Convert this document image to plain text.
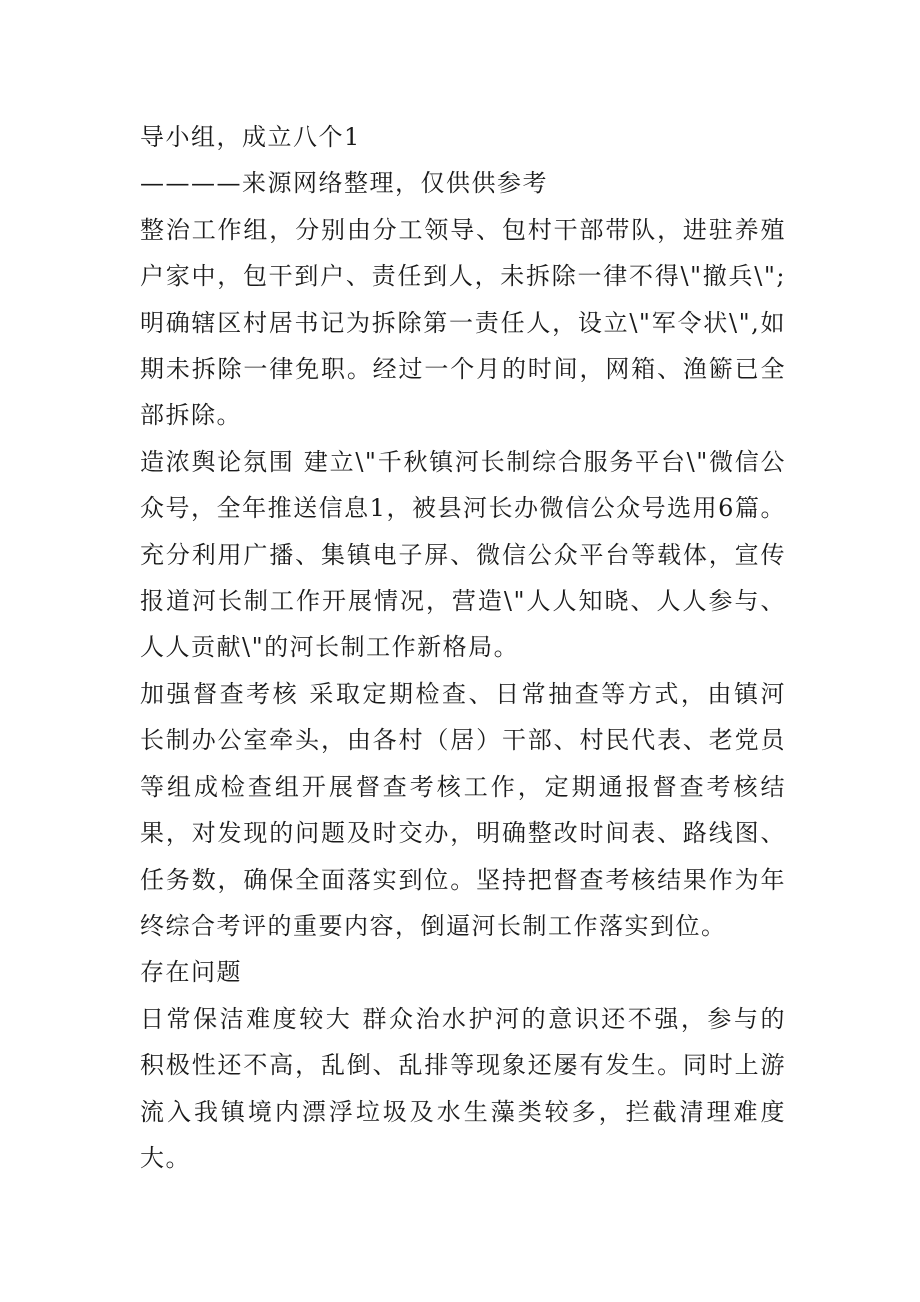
导小组，成立八个1

————来源网络整理，仅供供参考

整治工作组，分别由分工领导、包村干部带队，进驻养殖户家中，包干到户、责任到人，未拆除一律不得\"撤兵\";明确辖区村居书记为拆除第一责任人，设立\"军令状\",如期未拆除一律免职。经过一个月的时间，网箱、渔簖已全部拆除。

造浓舆论氛围 建立\"千秋镇河长制综合服务平台\"微信公众号，全年推送信息1，被县河长办微信公众号选用6篇。充分利用广播、集镇电子屏、微信公众平台等载体，宣传报道河长制工作开展情况，营造\"人人知晓、人人参与、人人贡献\"的河长制工作新格局。

加强督查考核 采取定期检查、日常抽查等方式，由镇河长制办公室牵头，由各村（居）干部、村民代表、老党员等组成检查组开展督查考核工作，定期通报督查考核结果，对发现的问题及时交办，明确整改时间表、路线图、任务数，确保全面落实到位。坚持把督查考核结果作为年终综合考评的重要内容，倒逼河长制工作落实到位。

存在问题

日常保洁难度较大 群众治水护河的意识还不强，参与的积极性还不高，乱倒、乱排等现象还屡有发生。同时上游流入我镇境内漂浮垃圾及水生藻类较多，拦截清理难度大。
